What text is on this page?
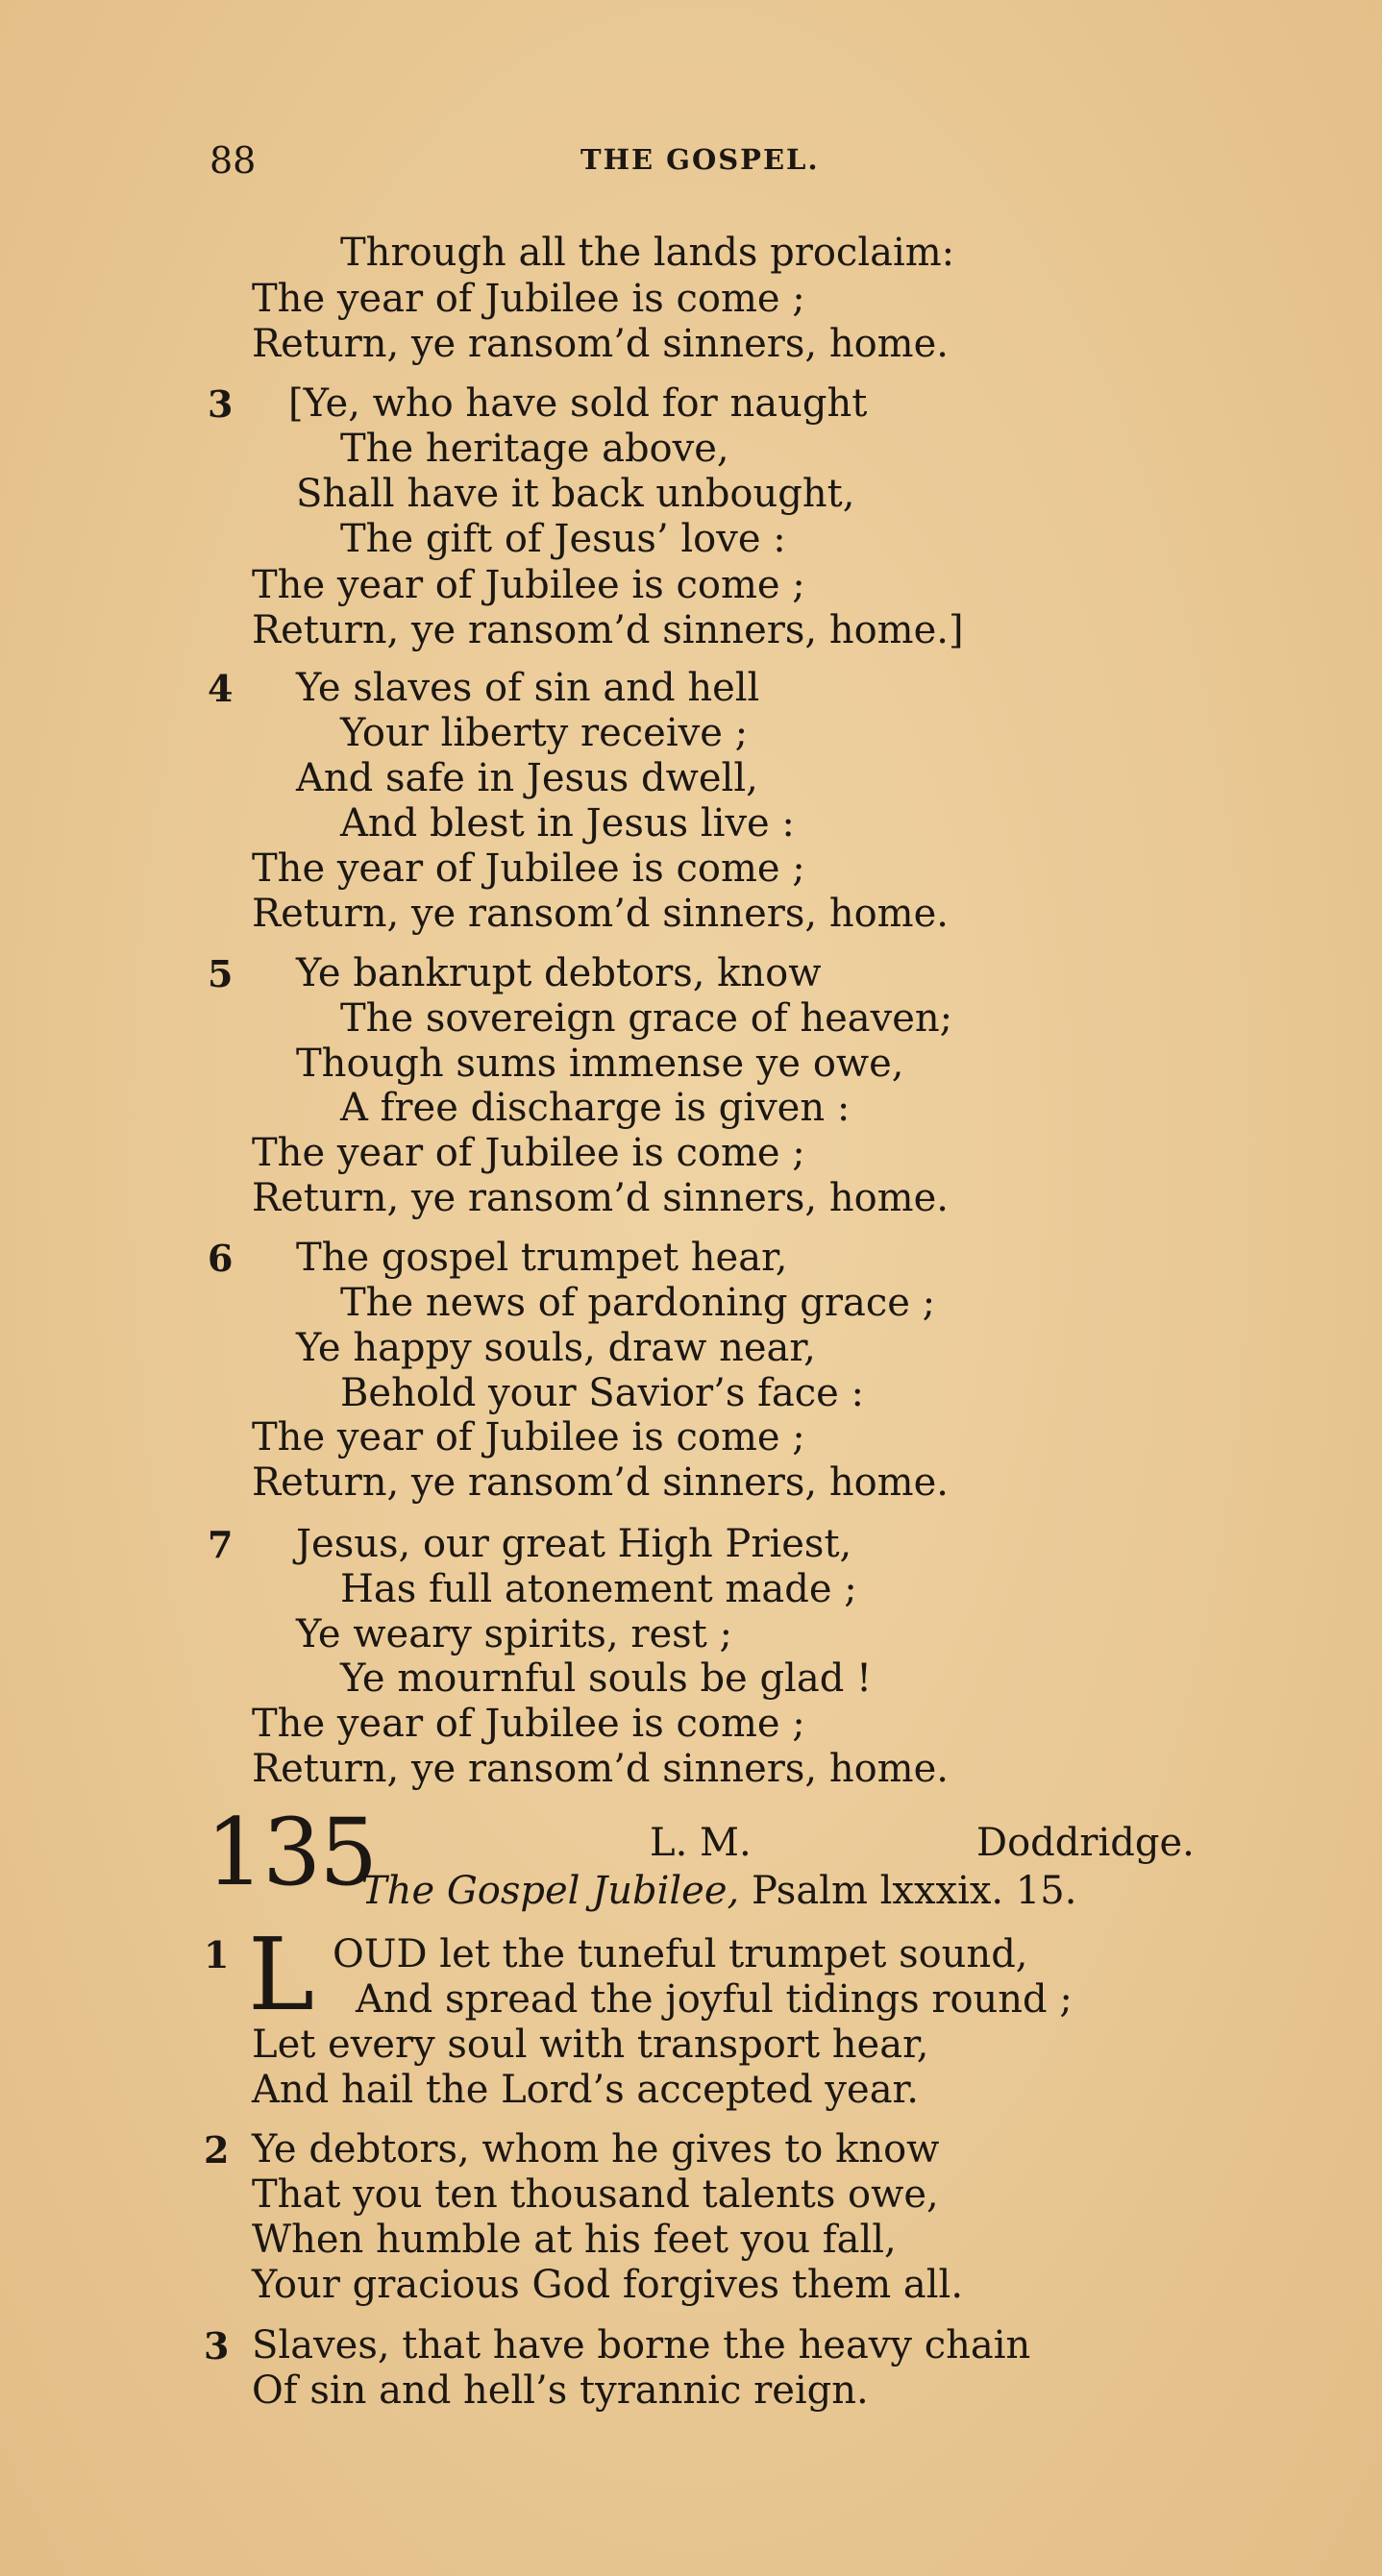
88	THE GOSPEL.
Through all the lands proclaim:
The year of Jubilee is come ;
Return, ye ransom’d sinners, home.
3 [Ye, who have sold for naught
The heritage above,
Shall have it back unbought,
The gift of Jesus’ love :
The year of Jubilee is come ;
Return, ye ransom’d sinners, home.]
4 Ye slaves of sin and hell
Your liberty receive ;
And safe in Jesus dwell,
And blest in Jesus live :
The year of Jubilee is come ;
Return, ye ransom’d sinners, home.
5 Ye bankrupt debtors, know
The sovereign grace of heaven;
Though sums immense ye owe,
A free discharge is given :
The year of Jubilee is come ;
Return, ye ransom’d sinners, home.
6 The gospel trumpet hear,
The news of pardoning grace ;
Ye happy souls, draw near,
Behold your Savior’s face :
The year of Jubilee is come ;
Return, ye ransom’d sinners, home.
7 Jesus, our great High Priest,
Has full atonement made ;
Ye weary spirits, rest ;
Ye mournful souls be glad !
The year of Jubilee is come ;
Return, ye ransom’d sinners, home.
135	L. M.	Doddridge.
The Gospel Jubilee, Psalm lxxxix. 15.
1 L OUD let the tuneful trumpet sound,
And spread the joyful tidings round ;
Let every soul with transport hear,
And hail the Lord’s accepted year.
2 Ye debtors, whom he gives to know
That you ten thousand talents owe,
When humble at his feet you fall,
Your gracious God forgives them all.
3 Slaves, that have borne the heavy chain
Of sin and hell’s tyrannic reign.
